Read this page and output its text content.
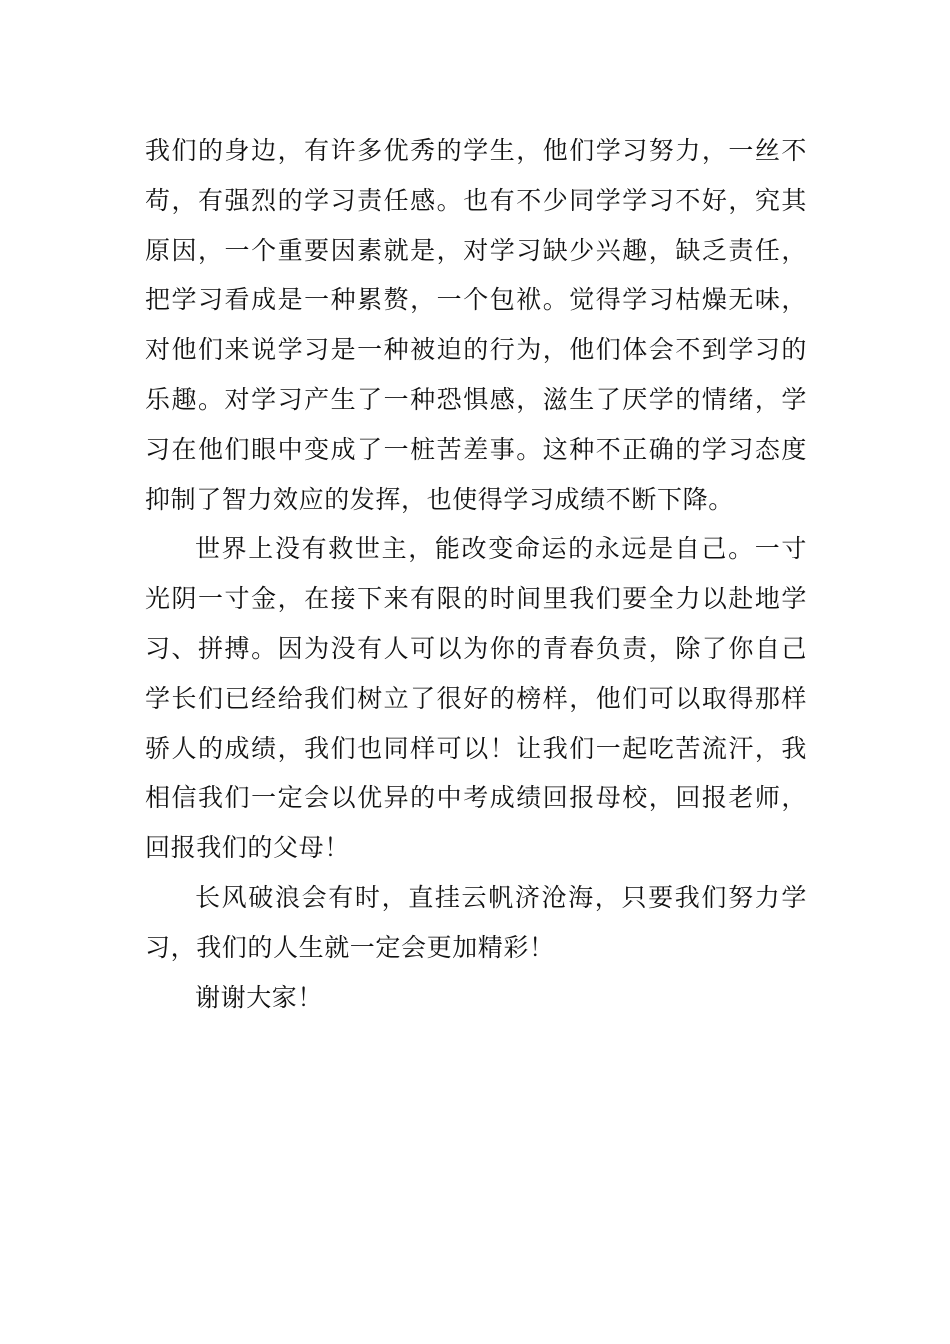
我们的身边，有许多优秀的学生，他们学习努力，一丝不苟，有强烈的学习责任感。也有不少同学学习不好，究其原因，一个重要因素就是，对学习缺少兴趣，缺乏责任，把学习看成是一种累赘，一个包袱。觉得学习枯燥无味，对他们来说学习是一种被迫的行为，他们体会不到学习的乐趣。对学习产生了一种恐惧感，滋生了厌学的情绪，学习在他们眼中变成了一桩苦差事。这种不正确的学习态度抑制了智力效应的发挥，也使得学习成绩不断下降。

世界上没有救世主，能改变命运的永远是自己。一寸光阴一寸金，在接下来有限的时间里我们要全力以赴地学习、拼搏。因为没有人可以为你的青春负责，除了你自己学长们已经给我们树立了很好的榜样，他们可以取得那样骄人的成绩，我们也同样可以！让我们一起吃苦流汗，我相信我们一定会以优异的中考成绩回报母校，回报老师，回报我们的父母！

长风破浪会有时，直挂云帆济沧海，只要我们努力学习，我们的人生就一定会更加精彩！

谢谢大家！
